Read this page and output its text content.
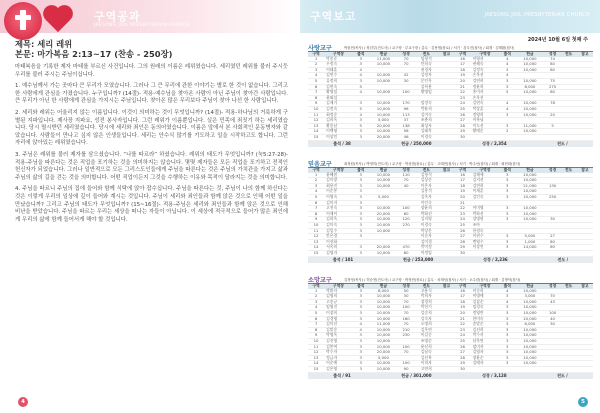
구역공과
JAESONG JOIL PRESBYTERIAN CHURCH
제목: 세리 레위
본문: 마가복음 2:13~17 (찬송 - 250장)
마태복음을 기록한 제자 마태를 부르신 사건입니다. 그의 원래의 이름은 레위였습니다. 세리였던 레위를 불러 주시듯 우리를 불러 주시는 주님이십니다.
1. 예수님께서 가는 곳마다 큰 무리가 모였습니다. 그러나 그 큰 무리에 관한 이야기는 별로 한 것이 없습니다. 그리고 한 사람에게 관심을 가졌습니다. 누구입니까? (14절)- 적용-예수님을 찾아온 사람이 아닌 주님이 찾아간 사람입니다. 큰 무리가 아닌 한 사람에게 관심을 가지시는 주님입니다. 찾아온 많은 무리보다 주님이 찾아 나선 한 사람입니다.
2. 세리와 레위는 어울리지 않는 이름입니다. 이것이 의미하는 것이 무엇입니까? (14절)- 적용-하나님의 거룩하게 구별된 지파입니다. 제사장 지파요, 성전 봉사자입니다. 그런 레위가 이름뿐입니다. 실은 민족에 죄짓기 하는 세리였습니다. 당시 멸시받던 세리였습니다. 당시에 세리와 죄인은 동의어였습니다. 이름은 앞에서 본 사회적인 문동병자와 같았습니다. 사람들이 만나고 싶지 않은 인생들입니다. 세리는 안수식 많기를 기도하고 일을 시작하고도 합니다. 그런 자리에 앉아있는 레위였습니다.
3. 주님은 레위를 불러 제자를 삼으셨습니다. “나를 따르라” 하셨습니다. 레위의 태도가 무엇입니까? (눅5:27-28)- 적용-주님을 따른다는 것은 직업을 포기하는 것을 의미하지는 않습니다. 몇몇 제자들은 모든 직업을 포기하고 전적인 헌신자가 되었습니다. 그러나 일반적으로 모든 그리스도인들에게 주님을 따른다는 것은 주님의 가치관을 가지고 삶과 주님의 삶의 길을 걷는 것을 의미합니다. 어떤 직업이든지 그것을 수행하는 이유와 목적이 달라지는 것을 의미합니다.
4. 주님을 따르니 주님의 집에 들어와 함께 식탁에 앉아 잡수십니다. 주님을 따른다는 것, 주님이 나의 함께 하신다는 것은 이렇게 우리의 일상에 깊이 들어와 계시는 것입니다. 주님이 세리와 죄인들과 함께 앉은 것으로 인해 어떤 일을 만났습니까? 그리고 주님의 태도가 무엇입니까? (15~16절)- 적용-주님은 세리와 죄인들과 함께 앉은 것으로 인해 비난을 받았습니다. 주님을 따르는 우리는 세상을 떠나는 자들이 아닙니다. 이 세상에 적극적으로 들어가 많은 죄인에게 우리의 삶에 함께 들어서게 해야 할 것입니다.
4
구역보고	JAESONG JOIL PRESBYTERIAN CHURCH
2024년 10월 6일 첫째 주
사랑교구	박윤현(목사) / 장년부(전도사) / 교구장 · 부교구장 / 총무 · 김용범(장로) / 서기 · 강우진(집사) / 회계 · 김태환(집사)
구역	구역장	출석	헌금	성경	전도	참고	구역	구역장	출석	헌금	성경	전도	참고
1	박종준	3	11,000	70	임형석		16	이영자	4	10,000	74		
2	우정숙	3	10,000	70	안희숙		17	권해숙	4	10,000	80		
3	이태훈	4			권경자		18	김정숙	3	10,000	60		
4	김연수	4	10,000	42	김정자		19	손옥선	4				
5	류정희	3	10,000	30	문인옥		20	김연희	3	10,000	75		
6	김연숙	5			김학용		21	정윤희	3	8,000	275		
7	황명임	4	10,000	100	황명임		22	홍미자	5	10,000	60		
8	윤외섭						23	손옥선					
9	김재기	3	10,000	170	임정숙		24	김연숙	4	10,000	78		
10	김정숙	5	10,000	96	박윤희		25	박상훈	4	10,000			
11	최정순	4	10,000	113	김미숙		26	정영희	3	10,000	20		
12	김희옥	3	5,000	37	조춘희		27	이복님					
13	황종남	5	20,000	138	최성자		28	이도선	3	11,000	5		
14	이백평	3	10,000	56	김태옥		29	황매순	2	10,000			
15	이상민	3	20,000	46	이경숙		30						
출석 / 38	헌금 / 250,000	성경 / 2,354	전도 /
믿음교구	최정원(목사) / 박영미(전도사) / 교구장 · 박상범(장로) / 총무 · 고태연(집사) / 서기 · 박주선(집사) / 회계 · 최현화(집사)
구역	구역장	출석	헌금	성경	전도	참고	구역	구역장	출석	헌금	성경	전도	참고
1	윤혜원	3	10,000	110	김형석		16	김헤세	3	10,000			
2	김미랑	3	10,000	70	김상준		17	김지선	3	10,000			
3	최용진	3	10,000	40	이은자		18	김연희	3	21,000	130		
4	이순봉	3			김홍석		19	이재훈	3	10,000			
5	이영숙	3	5,000		김옥자		20	김인숙	3	10,000	250		
6	김미자	3			이인숙		21						
7	고진숙	3	10,000	100	장윤희		22	이미영	3	10,000			
8	이제이	3	20,000	60	박화선		23	박하선	3	10,000			
9	김희옥	3	10,000	120	김지영		24	강명현	3	10,000	30		
10	김미숙	3	10,000	270	이경숙		25	조아					
11	김일수	3	10,000		박상문		26	한경숙					
12	안은경	3			이순자		27	이현수	3	5,000	27		
13	이선화				김미경		28	변영수	3	1,000	80		
14	서옥희	3	20,000	470	박미정		29	이상언	3	14,000	60		
15	김명자	3	10,000	80	이정임		30						
출석 / 101	헌금 / 253,000	성경 / 2,236	전도 /
소망교구	김정영(목사) / 허승현(전도사) / 교구장 · 박정헌(장로) / 총무 · 차재성(집사) / 서기 · 오수련(집사) / 회계 · 김명덕(집사)
구역	구역장	출석	헌금	성경	전도	참고	구역	구역장	출석	헌금	성경	전도	참고
1	박환자	3	8,000	50	고용식		16	이순희	4	10,000			
2	김영희	3	10,000	30	박희자		17	이명애	3	3,000	70		
3	고송규	3	10,000	70	장경희		18	김삼순	4	10,000	43		
4	임영진	3	10,000	100	박헌기		19	임경숙	3	10,000			
5	이창희	3	10,000	70	김순희		20	정영란	3	10,000	100		
6	김경영	3	10,000	160	김숙자		21	한미숙	3	10,000	40		
7	김미선	4	11,000	70	오명희		22	송말순	3	6,000	30		
8	김말순	4	10,000	210	김옥연		23	김선희	3	10,000			
9	박명옥	3	10,000	230	이길순		24	박수자	3	10,000			
10	김진영	3	10,000		조명순		25	남옥연	3	10,000			
11	김봉여	3	10,000	100	윤선희		26	임미자	3	10,000			
12	박수자	3	20,000	70	김남숙		27	김영자	3	10,000			
13	정금자	3	5,000		김선복		28	장윤순	3	10,000			
14	이순애	3	10,000	100	이희자		29	김애자	3	10,000			
15	김은영	3	10,000	90	고연희		30						
출석 / 91	헌금 / 301,000	성경 / 3,128	전도 /
5
